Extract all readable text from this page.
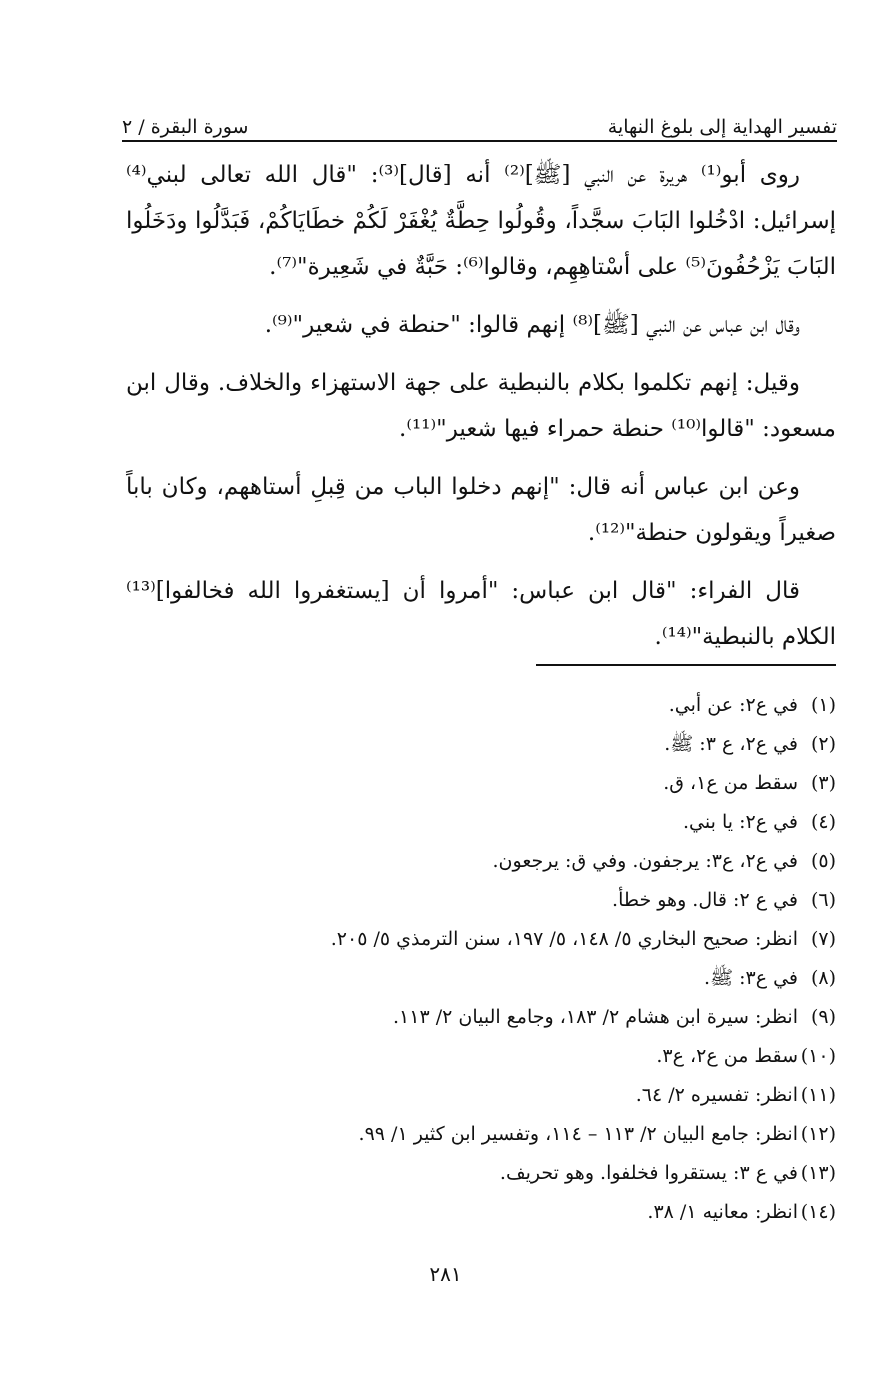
تفسير الهداية إلى بلوغ النهاية
سورة البقرة / ٢

روى أبو⁽¹⁾ هريرة عن النبي [ﷺ]⁽²⁾ أنه [قال]⁽³⁾: "قال الله تعالى لبني⁽⁴⁾ إسرائيل: ادْخُلوا البَابَ سجَّداً، وقُولُوا حِطَّةٌ يُغْفَرْ لَكُمْ خطَايَاكُمْ، فَبَدَّلُوا ودَخَلُوا البَابَ يَزْحُفُونَ⁽⁵⁾ على أسْتاهِهِم، وقالوا⁽⁶⁾: حَبَّةٌ في شَعِيرة"⁽⁷⁾.

وقال ابن عباس عن النبي [ﷺ]⁽⁸⁾ إنهم قالوا: "حنطة في شعير"⁽⁹⁾.

وقيل: إنهم تكلموا بكلام بالنبطية على جهة الاستهزاء والخلاف. وقال ابن مسعود: "قالوا⁽¹⁰⁾ حنطة حمراء فيها شعير"⁽¹¹⁾.

وعن ابن عباس أنه قال: "إنهم دخلوا الباب من قِبلِ أستاههم، وكان باباً صغيراً ويقولون حنطة"⁽¹²⁾.

قال الفراء: "قال ابن عباس: "أمروا أن [يستغفروا الله فخالفوا]⁽¹³⁾ الكلام بالنبطية"⁽¹⁴⁾.

(١)في ع٢: عن أبي.
(٢)في ع٢، ع ٣: ﷺ.
(٣)سقط من ع١، ق.
(٤)في ع٢: يا بني.
(٥)في ع٢، ع٣: يرجفون. وفي ق: يرجعون.
(٦)في ع ٢: قال. وهو خطأ.
(٧)انظر: صحيح البخاري ٥/ ١٤٨، ٥/ ١٩٧، سنن الترمذي ٥/ ٢٠٥.
(٨)في ع٣: ﷺ.
(٩)انظر: سيرة ابن هشام ٢/ ١٨٣، وجامع البيان ٢/ ١١٣.
(١٠)سقط من ع٢، ع٣.
(١١)انظر: تفسيره ٢/ ٦٤.
(١٢)انظر: جامع البيان ٢/ ١١٣ – ١١٤، وتفسير ابن كثير ١/ ٩٩.
(١٣)في ع ٣: يستقروا فخلفوا. وهو تحريف.
(١٤)انظر: معانيه ١/ ٣٨.
٢٨١
